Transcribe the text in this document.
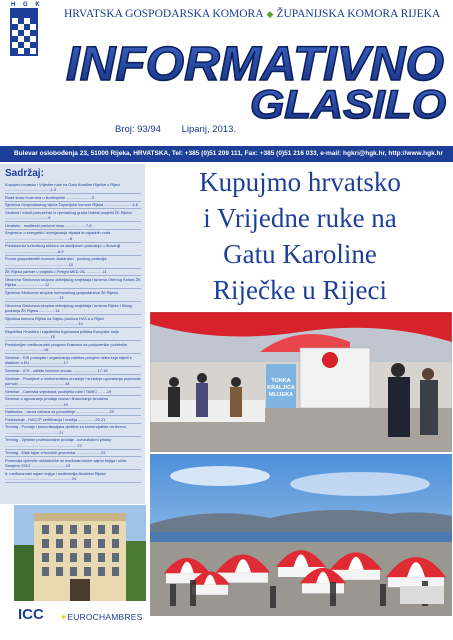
H G K
HRVATSKA GOSPODARSKA KOMORA ◆ ŽUPANIJSKA KOMORA RIJEKA
INFORMATIVNO
GLASILO
Broj: 93/94 Lipanj, 2013.
Bulevar oslobođenja 23, 51000 Rijeka, HRVATSKA, Tel: +385 (0)51 209 111, Fax: +385 (0)51 216 033, e-mail: hgkri@hgk.hr, http://www.hgk.hr
Sadržaj:
Kupujmo hrvatsko i Vrijedne ruke na Gatu Karoline Riječke u Rijeci ..........................................1-3
Road show Kvarnera u Budimpešti ........................3
Sjednica Gospodarskog vijeća Županijske komore Rijeka ..........................4-6
Studenti i mladi poduzetnici iz njemačkog grada Hofeai posjetili ŽK Rijeka ........................................6
Hrvatsko - mađarski poslovni skup ...................7-8
Smjernice o energetici i zbrinjavanju otpada te otpadnih voda ............................................................8
Predstavnici turističkog sektora na studijskom putovanju u Sloveniji .................................................8-9
Forum gospodarskih komora Jadransko - jonskog područja ...........................................................10
ŽK Rijeka partner u projektu i-Freight MED OC ...............11
Otvorena Strukovna skupina obiteljskog smještaja i turizma Obrtnog Kotara ŽK Rijeka ..........................12
Sjednica Strukovne skupine komunalnog gospodarstva ŽK Rijeka ..................................................13
Otvorena Strukovna skupina obiteljskog smještaja i turizma Rijeke i ličkog područja ŽK Rijeka ...............14
Sjednica komora Rijeka na Sajmu poslova HZZ-a u Rijeci ....................................................................14
Republika Hrvatska i zajednička trgovinska politika Europske unije ..........................................15
Predstavljen međunarodni program Erasmus za poduzetnike početnike ....................................16
Seminar - EIS postupak i organizacija zaštitna provjera rizika koja slijedi s ulaskom u EU ...............................17
Seminar - ICS - zaštite licenčne izvoza .......................17-18
Seminar - Promjene u instrumentima suradnje i suradnje ugovaranja proizvoda pomoći ...........................................18
Seminar - Carinska vrijednost, podrijetlo robe i TARIC ........19
Seminar o ugovaranju prodaje novca i financiranja iznosima ......................................................19
Radionica - Javna nabava za ponuditelje ...............................20
Predavanje - HACCP certifikacija i revizija ................20-21
Trening - Prodaje i komunikacijska vještine za komercijaliste na terenu ..................................................21
Trening - Vještine profesionalne prodaje - konzultativni pristup ...................................................................22
Trening - Male tajne vrhunskih govornika .......................22
Promocija cjelovite nakladničke ss međunarodnom sajmu knjiga i učila Sarajevo 2013. ...............................23
6. međunarodni sajam knjiga i multimedija Bookfest Rijeka ..............................................................24

Kupujmo hrvatsko

i Vrijedne ruke na

Gatu Karoline

Riječke u Rijeci

TONKA
KRALJICA
MLIJEKA
ICC ✶EUROCHAMBRES
